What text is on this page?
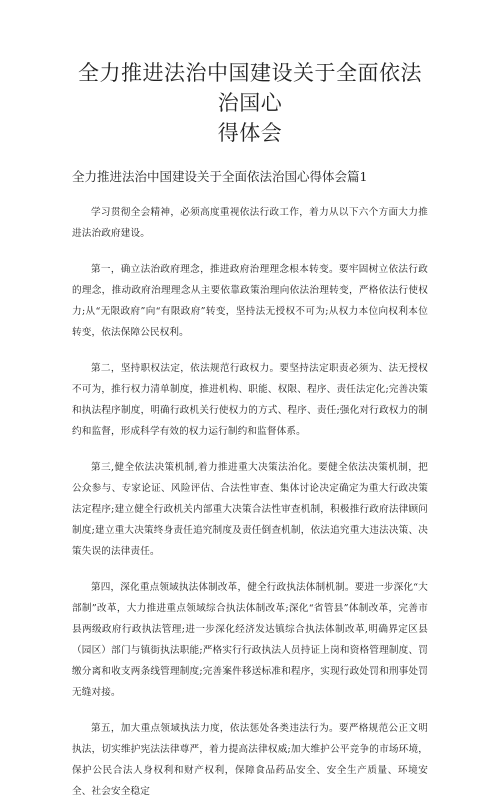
全力推进法治中国建设关于全面依法治国心
得体会
全力推进法治中国建设关于全面依法治国心得体会篇1

学习贯彻全会精神，必须高度重视依法行政工作，着力从以下六个方面大力推进法治政府建设。

第一，确立法治政府理念，推进政府治理理念根本转变。要牢固树立依法行政的理念，推动政府治理理念从主要依靠政策治理向依法治理转变，严格依法行使权力;从“无限政府”向“有限政府”转变，坚持法无授权不可为;从权力本位向权利本位转变，依法保障公民权利。

第二，坚持职权法定，依法规范行政权力。要坚持法定职责必须为、法无授权不可为，推行权力清单制度，推进机构、职能、权限、程序、责任法定化;完善决策和执法程序制度，明确行政机关行使权力的方式、程序、责任;强化对行政权力的制约和监督，形成科学有效的权力运行制约和监督体系。

第三,健全依法决策机制,着力推进重大决策法治化。要健全依法决策机制，把公众参与、专家论证、风险评估、合法性审查、集体讨论决定确定为重大行政决策法定程序;建立健全行政机关内部重大决策合法性审查机制，积极推行政府法律顾问制度;建立重大决策终身责任追究制度及责任倒查机制，依法追究重大违法决策、决策失误的法律责任。

第四，深化重点领域执法体制改革，健全行政执法体制机制。要进一步深化“大部制”改革，大力推进重点领域综合执法体制改革;深化“省管县”体制改革，完善市县两级政府行政执法管理;进一步深化经济发达镇综合执法体制改革,明确界定区县（园区）部门与镇街执法职能;严格实行行政执法人员持证上岗和资格管理制度、罚缴分离和收支两条线管理制度;完善案件移送标准和程序，实现行政处罚和刑事处罚无缝对接。

第五，加大重点领域执法力度，依法惩处各类违法行为。要严格规范公正文明执法，切实维护宪法法律尊严，着力提高法律权威;加大维护公平竞争的市场环境，保护公民合法人身权利和财产权利，保障食品药品安全、安全生产质量、环境安全、社会安全稳定
